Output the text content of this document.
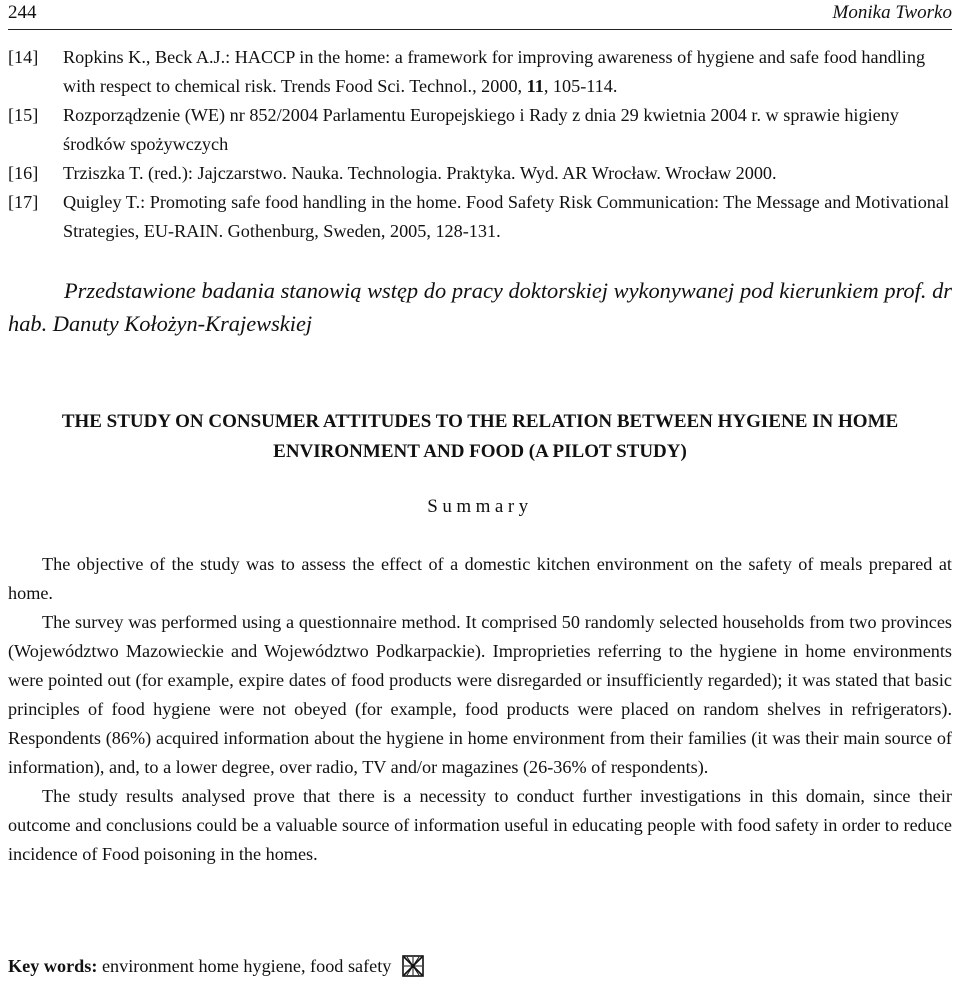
244	Monika Tworko
[14] Ropkins K., Beck A.J.: HACCP in the home: a framework for improving awareness of hygiene and safe food handling with respect to chemical risk. Trends Food Sci. Technol., 2000, 11, 105-114.
[15] Rozporządzenie (WE) nr 852/2004 Parlamentu Europejskiego i Rady z dnia 29 kwietnia 2004 r. w sprawie higieny środków spożywczych
[16] Trziszka T. (red.): Jajczarstwo. Nauka. Technologia. Praktyka. Wyd. AR Wrocław. Wrocław 2000.
[17] Quigley T.: Promoting safe food handling in the home. Food Safety Risk Communication: The Message and Motivational Strategies, EU-RAIN. Gothenburg, Sweden, 2005, 128-131.
Przedstawione badania stanowią wstęp do pracy doktorskiej wykonywanej pod kierunkiem prof. dr hab. Danuty Kołożyn-Krajewskiej
THE STUDY ON CONSUMER ATTITUDES TO THE RELATION BETWEEN HYGIENE IN HOME ENVIRONMENT AND FOOD (A PILOT STUDY)
Summary

The objective of the study was to assess the effect of a domestic kitchen environment on the safety of meals prepared at home.

The survey was performed using a questionnaire method. It comprised 50 randomly selected households from two provinces (Województwo Mazowieckie and Województwo Podkarpackie). Improprieties referring to the hygiene in home environments were pointed out (for example, expire dates of food products were disregarded or insufficiently regarded); it was stated that basic principles of food hygiene were not obeyed (for example, food products were placed on random shelves in refrigerators). Respondents (86%) acquired information about the hygiene in home environment from their families (it was their main source of information), and, to a lower degree, over radio, TV and/or magazines (26-36% of respondents).

The study results analysed prove that there is a necessity to conduct further investigations in this domain, since their outcome and conclusions could be a valuable source of information useful in educating people with food safety in order to reduce incidence of Food poisoning in the homes.

Key words: environment home hygiene, food safety
